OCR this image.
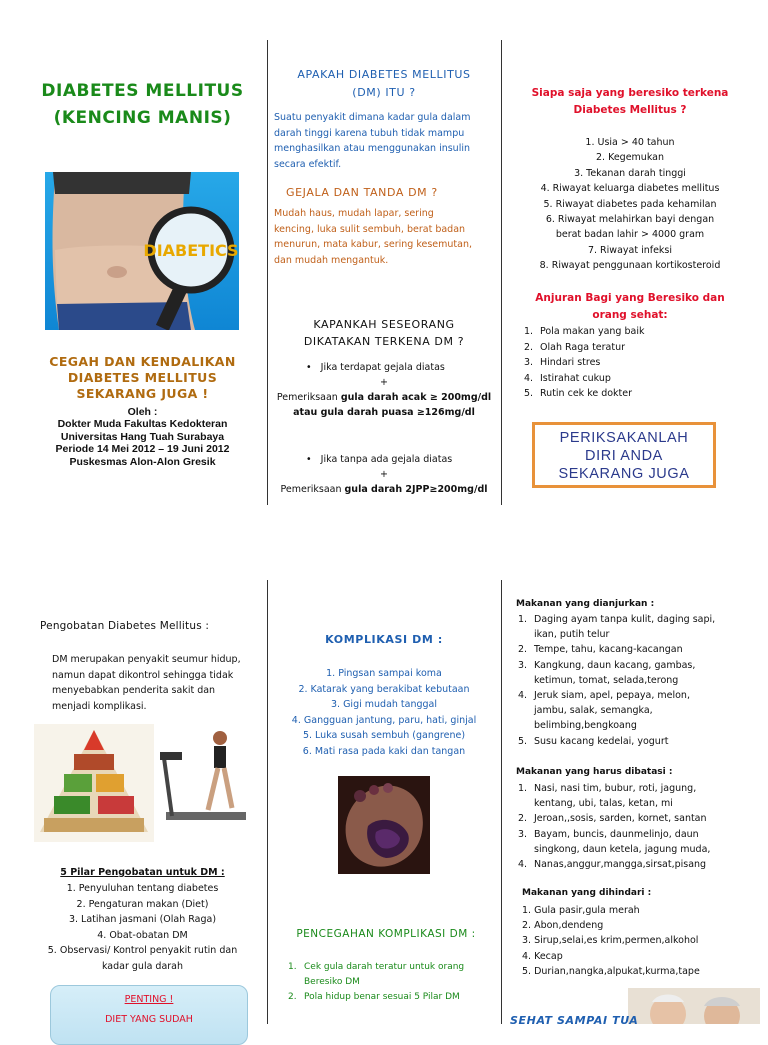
DIABETES MELLITUS
(KENCING MANIS)
DIABETICS
CEGAH DAN KENDALIKAN
DIABETES MELLITUS
SEKARANG JUGA !
Oleh :
Dokter Muda Fakultas Kedokteran
Universitas Hang Tuah Surabaya
Periode 14 Mei 2012 – 19 Juni 2012
Puskesmas Alon-Alon Gresik
APAKAH DIABETES MELLITUS
(DM) ITU ?
Suatu penyakit dimana kadar gula dalam
darah tinggi karena tubuh tidak mampu
menghasilkan atau menggunakan insulin
secara efektif.
GEJALA DAN TANDA DM ?
Mudah haus, mudah lapar, sering
kencing, luka sulit sembuh, berat badan
menurun, mata kabur, sering kesemutan,
dan mudah mengantuk.
KAPANKAH SESEORANG
DIKATAKAN TERKENA DM ?
•   Jika terdapat gejala diatas
+
Pemeriksaan gula darah acak ≥ 200mg/dl
atau gula darah puasa ≥126mg/dl
•   Jika tanpa ada gejala diatas
+
Pemeriksaan gula darah 2JPP≥200mg/dl
Siapa saja yang beresiko terkena
Diabetes Mellitus ?
1. Usia > 40 tahun
2. Kegemukan
3. Tekanan darah tinggi
4. Riwayat keluarga diabetes mellitus
5. Riwayat diabetes pada kehamilan
6. Riwayat melahirkan bayi dengan
berat badan lahir > 4000 gram
7. Riwayat infeksi
8. Riwayat penggunaan kortikosteroid
Anjuran Bagi yang Beresiko dan
orang sehat:
1. Pola makan yang baik
2. Olah Raga teratur
3. Hindari stres
4. Istirahat cukup
5. Rutin cek ke dokter
PERIKSAKANLAH
DIRI ANDA
SEKARANG JUGA
Pengobatan Diabetes Mellitus :
DM merupakan penyakit seumur hidup,
namun dapat dikontrol sehingga tidak
menyebabkan penderita sakit dan
menjadi komplikasi.
5 Pilar Pengobatan untuk DM :
1. Penyuluhan tentang diabetes
2. Pengaturan makan (Diet)
3. Latihan jasmani (Olah Raga)
4. Obat-obatan DM
5. Observasi/ Kontrol penyakit rutin dan
kadar gula darah
PENTING !
DIET YANG SUDAH
KOMPLIKASI DM :
1. Pingsan sampai koma
2. Katarak yang berakibat kebutaan
3. Gigi mudah tanggal
4. Gangguan jantung, paru, hati, ginjal
5. Luka susah sembuh (gangrene)
6. Mati rasa pada kaki dan tangan
PENCEGAHAN KOMPLIKASI DM :
1. Cek gula darah teratur untuk orang
Beresiko DM
2. Pola hidup benar sesuai 5 Pilar DM
Makanan yang dianjurkan :
1. Daging ayam tanpa kulit, daging sapi,
ikan, putih telur
2. Tempe, tahu, kacang-kacangan
3. Kangkung, daun kacang, gambas,
ketimun, tomat, selada,terong
4. Jeruk siam, apel, pepaya, melon,
jambu, salak, semangka,
belimbing,bengkoang
5. Susu kacang kedelai, yogurt
Makanan yang harus dibatasi :
1. Nasi, nasi tim, bubur, roti, jagung,
kentang, ubi, talas, ketan, mi
2. Jeroan,,sosis, sarden, kornet, santan
3. Bayam, buncis, daunmelinjo, daun
singkong, daun ketela, jagung muda,
4. Nanas,anggur,mangga,sirsat,pisang
Makanan yang dihindari :
1. Gula pasir,gula merah
2. Abon,dendeng
3. Sirup,selai,es krim,permen,alkohol
4. Kecap
5. Durian,nangka,alpukat,kurma,tape
SEHAT SAMPAI TUA
